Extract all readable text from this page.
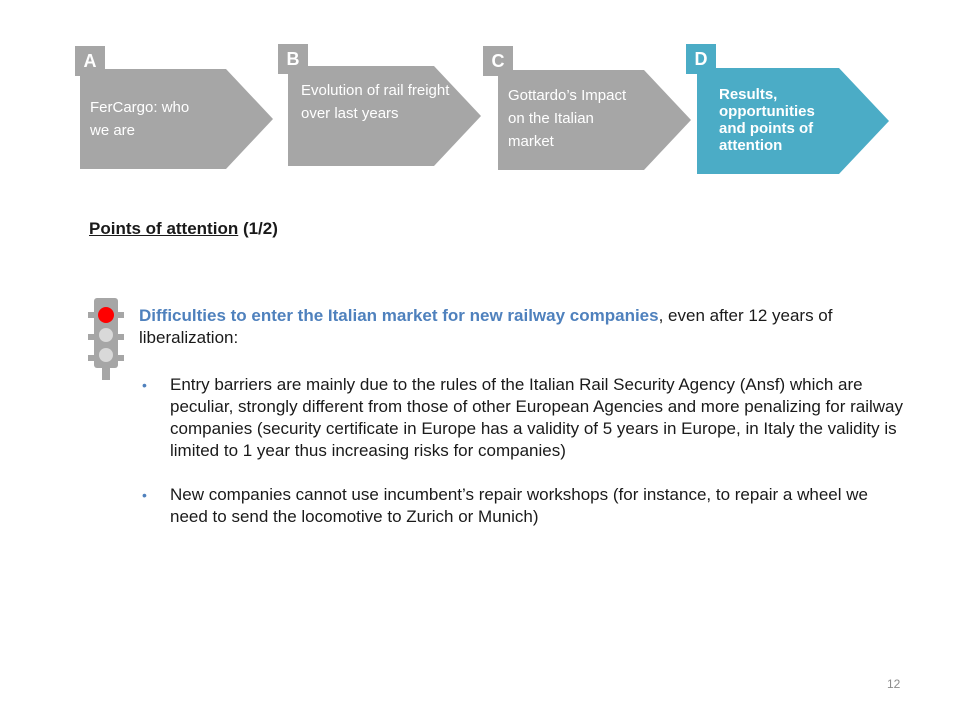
FerCargo: who we are
A
Evolution of rail freight over last years
B
Gottardo’s Impact on the Italian market
C
Results, opportunities and points of attention
D
Points of attention (1/2)
Difficulties to enter the Italian market for new railway companies, even after 12 years of liberalization:
• Entry barriers are mainly due to the rules of the Italian Rail Security Agency (Ansf) which are peculiar, strongly different from those of other European Agencies and more penalizing for railway companies (security certificate in Europe has a validity of 5 years in Europe, in Italy the validity is limited to 1 year thus increasing risks for companies)
• New companies cannot use incumbent’s repair workshops (for instance, to repair a wheel we need to send the locomotive to Zurich or Munich)
12
